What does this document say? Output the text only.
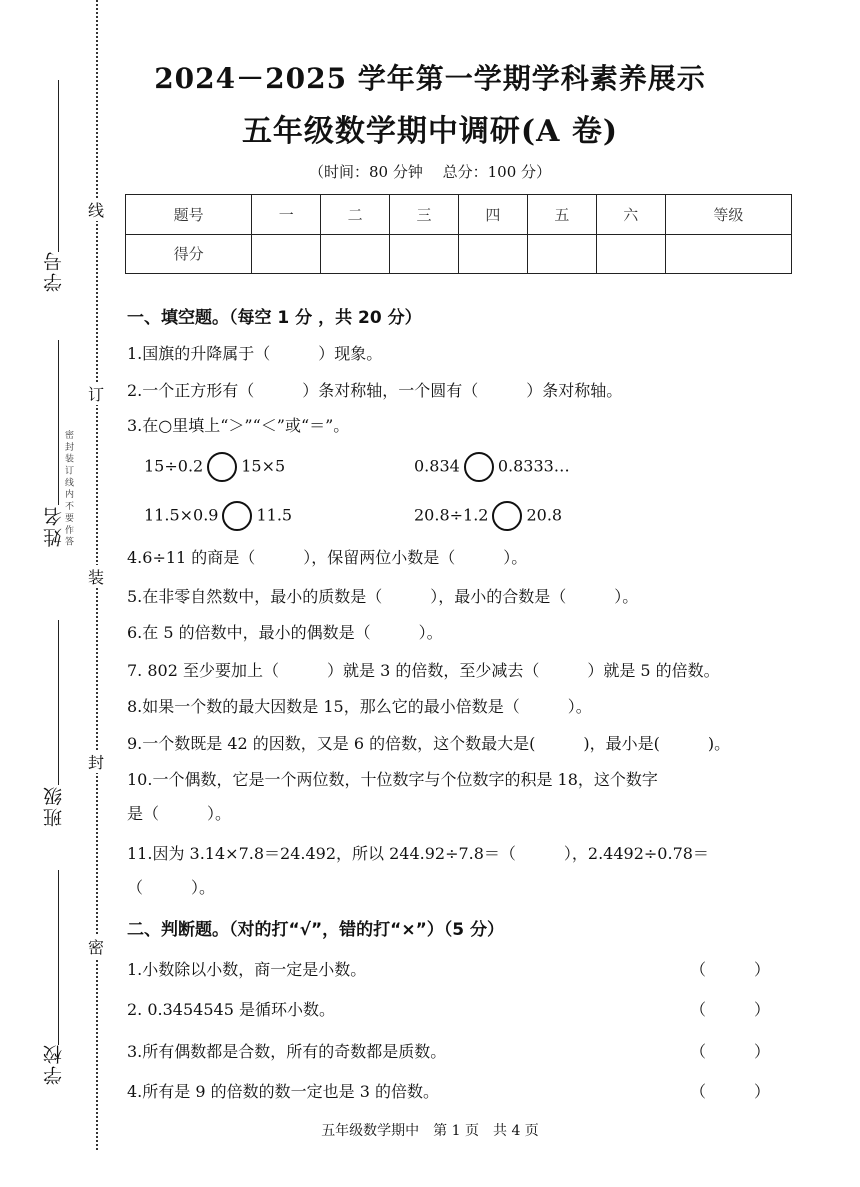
学号
姓名
班级
学校
线
订
装
封
密
密 封 装 订 线 内 不 要 作 答
2024－2025 学年第一学期学科素养展示
五年级数学期中调研(A 卷)
（时间：80 分钟　 总分：100 分）
题号	一	二	三	四	五	六	等级
得分							
一、填空题。（每空 1 分 ，共 20 分）
1.国旗的升降属于（　　　）现象。
2.一个正方形有（　　　）条对称轴，一个圆有（　　　）条对称轴。
3.在○里填上“＞”“＜”或“＝”。
15÷0.2 15×5	0.834 0.8333…
11.5×0.9 11.5	20.8÷1.2 20.8
4.6÷11 的商是（　　　），保留两位小数是（　　　）。
5.在非零自然数中，最小的质数是（　　　），最小的合数是（　　　）。
6.在 5 的倍数中，最小的偶数是（　　　）。
7. 802 至少要加上（　　　）就是 3 的倍数，至少减去（　　　）就是 5 的倍数。
8.如果一个数的最大因数是 15，那么它的最小倍数是（　　　）。
9.一个数既是 42 的因数，又是 6 的倍数，这个数最大是(　　　)，最小是(　　　)。
10.一个偶数，它是一个两位数，十位数字与个位数字的积是 18，这个数字
是（　　　）。
11.因为 3.14×7.8＝24.492，所以 244.92÷7.8＝（　　　），2.4492÷0.78＝
（　　　）。
二、判断题。（对的打“√”，错的打“×”）（5 分）
1.小数除以小数，商一定是小数。	（　　　）
2. 0.3454545 是循环小数。	（　　　）
3.所有偶数都是合数，所有的奇数都是质数。	（　　　）
4.所有是 9 的倍数的数一定也是 3 的倍数。	（　　　）
五年级数学期中　第 1 页　共 4 页
